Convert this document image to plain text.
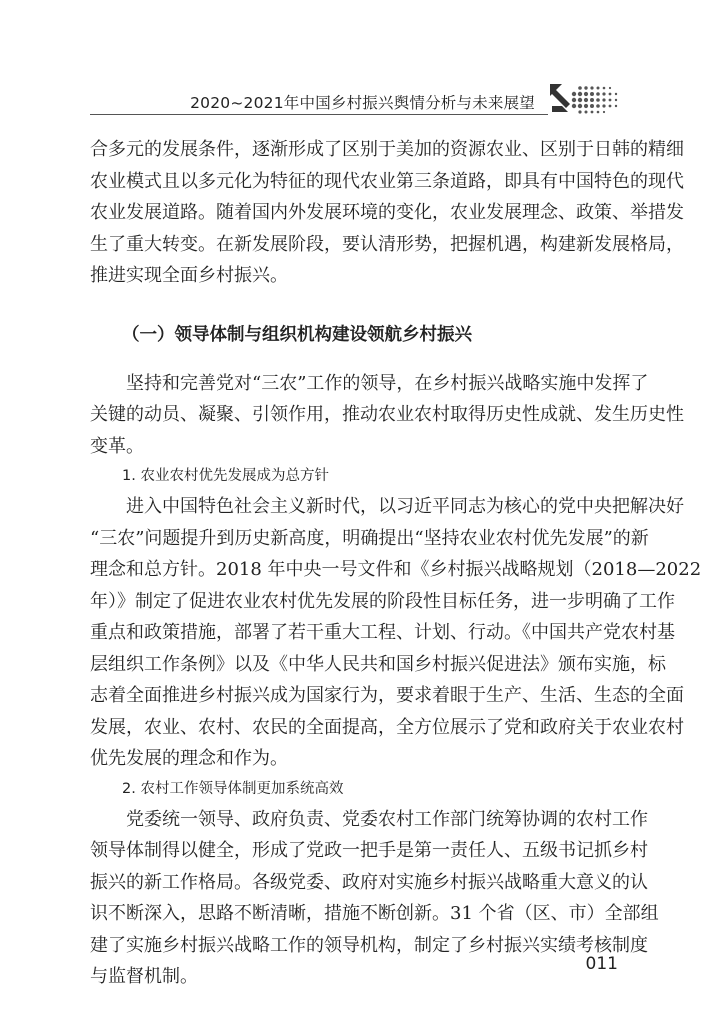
2020~2021年中国乡村振兴舆情分析与未来展望
合多元的发展条件，逐渐形成了区别于美加的资源农业、区别于日韩的精细
农业模式且以多元化为特征的现代农业第三条道路，即具有中国特色的现代
农业发展道路。随着国内外发展环境的变化，农业发展理念、政策、举措发
生了重大转变。在新发展阶段，要认清形势，把握机遇，构建新发展格局，
推进实现全面乡村振兴。
（一）领导体制与组织机构建设领航乡村振兴
　　坚持和完善党对“三农”工作的领导，在乡村振兴战略实施中发挥了
关键的动员、凝聚、引领作用，推动农业农村取得历史性成就、发生历史性
变革。
1. 农业农村优先发展成为总方针
　　进入中国特色社会主义新时代，以习近平同志为核心的党中央把解决好
“三农”问题提升到历史新高度，明确提出“坚持农业农村优先发展”的新
理念和总方针。2018 年中央一号文件和《乡村振兴战略规划（2018—2022
年）》制定了促进农业农村优先发展的阶段性目标任务，进一步明确了工作
重点和政策措施，部署了若干重大工程、计划、行动。《中国共产党农村基
层组织工作条例》以及《中华人民共和国乡村振兴促进法》颁布实施，标
志着全面推进乡村振兴成为国家行为，要求着眼于生产、生活、生态的全面
发展，农业、农村、农民的全面提高，全方位展示了党和政府关于农业农村
优先发展的理念和作为。
2. 农村工作领导体制更加系统高效
　　党委统一领导、政府负责、党委农村工作部门统筹协调的农村工作
领导体制得以健全，形成了党政一把手是第一责任人、五级书记抓乡村
振兴的新工作格局。各级党委、政府对实施乡村振兴战略重大意义的认
识不断深入，思路不断清晰，措施不断创新。31 个省（区、市）全部组
建了实施乡村振兴战略工作的领导机构，制定了乡村振兴实绩考核制度
与监督机制。
011
